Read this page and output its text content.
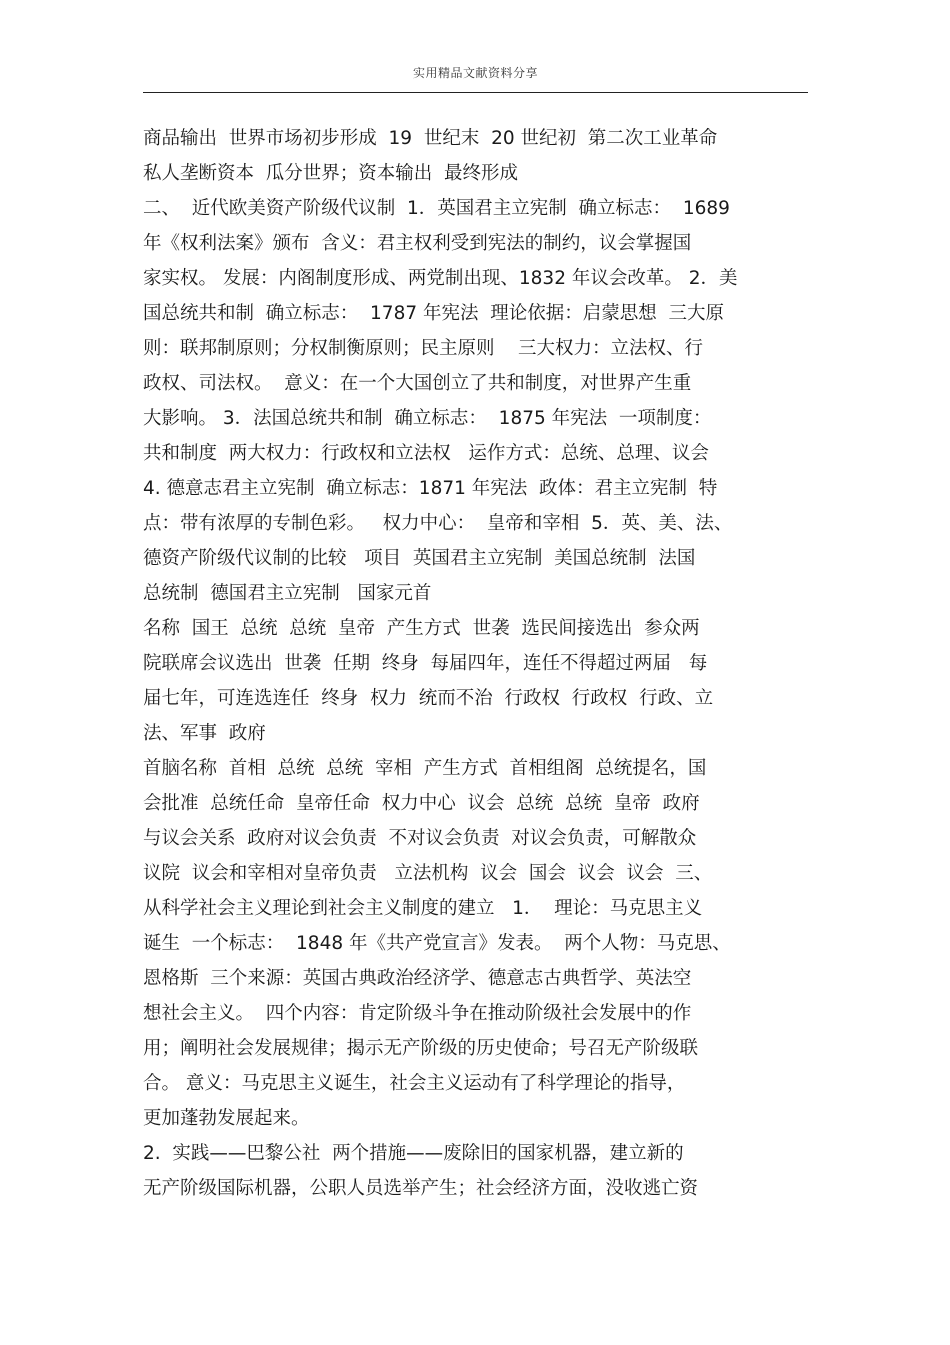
实用精品文献资料分享
商品输出  世界市场初步形成  19  世纪末  20 世纪初  第二次工业革命
私人垄断资本  瓜分世界；资本输出  最终形成
二、  近代欧美资产阶级代议制  1．英国君主立宪制  确立标志：  1689
年《权利法案》颁布  含义：君主权利受到宪法的制约，议会掌握国
家实权。 发展：内阁制度形成、两党制出现、1832 年议会改革。 2．美
国总统共和制  确立标志：  1787 年宪法  理论依据：启蒙思想  三大原
则：联邦制原则；分权制衡原则；民主原则    三大权力：立法权、行
政权、司法权。  意义：在一个大国创立了共和制度，对世界产生重
大影响。 3．法国总统共和制  确立标志：  1875 年宪法  一项制度：
共和制度  两大权力：行政权和立法权   运作方式：总统、总理、议会
4. 德意志君主立宪制  确立标志：1871 年宪法  政体：君主立宪制  特
点：带有浓厚的专制色彩。   权力中心：  皇帝和宰相  5．英、美、法、
德资产阶级代议制的比较   项目  英国君主立宪制  美国总统制  法国
总统制  德国君主立宪制   国家元首
名称  国王  总统  总统  皇帝  产生方式  世袭  选民间接选出  参众两
院联席会议选出  世袭  任期  终身  每届四年，连任不得超过两届   每
届七年，可连选连任  终身  权力  统而不治  行政权  行政权  行政、立
法、军事  政府
首脑名称  首相  总统  总统  宰相  产生方式  首相组阁  总统提名，国
会批准  总统任命  皇帝任命  权力中心  议会  总统  总统  皇帝  政府
与议会关系  政府对议会负责  不对议会负责  对议会负责，可解散众
议院  议会和宰相对皇帝负责   立法机构  议会  国会  议会  议会  三、
从科学社会主义理论到社会主义制度的建立   1．  理论：马克思主义
诞生  一个标志：  1848 年《共产党宣言》发表。  两个人物：马克思、
恩格斯  三个来源：英国古典政治经济学、德意志古典哲学、英法空
想社会主义。  四个内容：肯定阶级斗争在推动阶级社会发展中的作
用；阐明社会发展规律；揭示无产阶级的历史使命；号召无产阶级联
合。 意义：马克思主义诞生，社会主义运动有了科学理论的指导，
更加蓬勃发展起来。
2.  实践——巴黎公社  两个措施——废除旧的国家机器，建立新的
无产阶级国际机器，公职人员选举产生；社会经济方面，没收逃亡资
